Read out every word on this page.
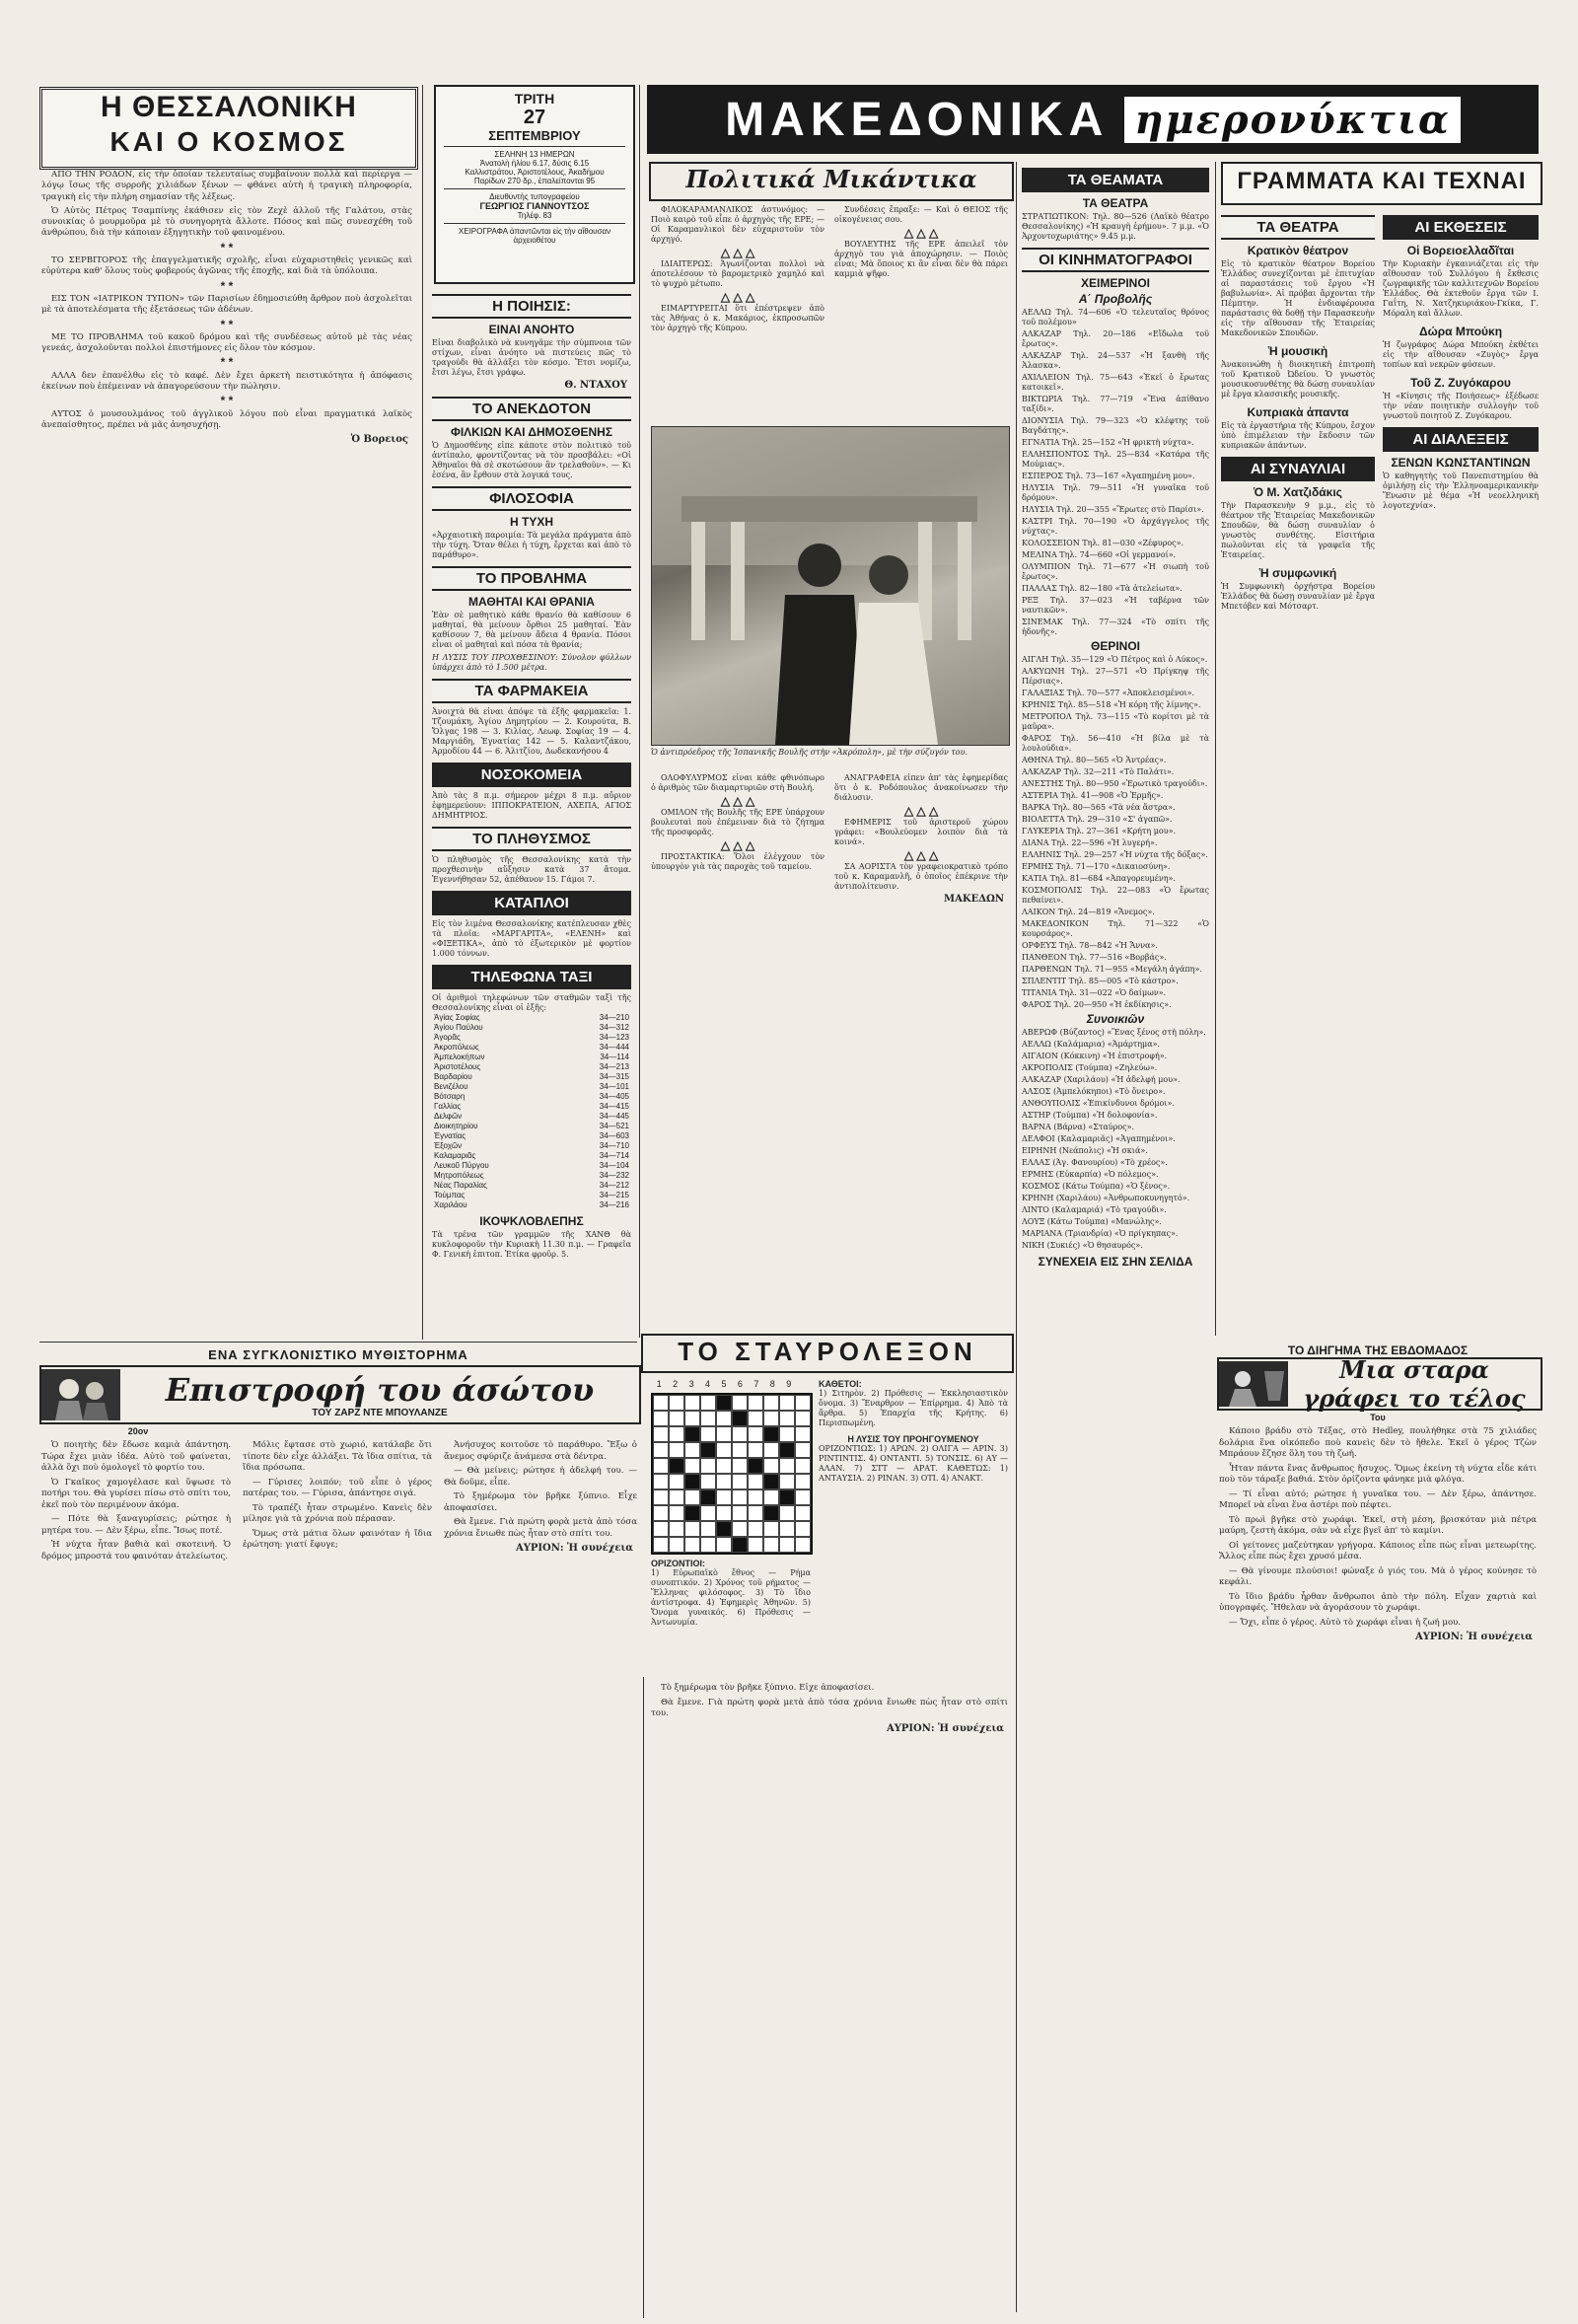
Η ΘΕΣΣΑΛΟΝΙΚΗ
ΚΑΙ Ο ΚΟΣΜΟΣ

ΑΠΟ ΤΗΝ ΡΟΔΟΝ, εἰς τὴν ὁποίαν τελευταίως συμβαίνουν πολλὰ καὶ περίεργα — λόγῳ ἴσως τῆς συρροῆς χιλιάδων ξένων — φθάνει αὐτὴ ἡ τραγικὴ πληροφορία, τραγικὴ εἰς τὴν πλήρη σημασίαν τῆς λέξεως.

Ὁ Αὐτὸς Πέτρος Τσαμπίνης ἐκάθισεν εἰς τὸν Ζεχὲ ἀλλοῦ τῆς Γαλάτου, στὰς συνοικίας ὁ μουρμοῦρα μὲ τὸ συνηγορητὰ ἄλλοτε. Πόσος καὶ πῶς συνεσχέθη τοῦ ἀνθρώπου, διὰ τὴν κάποιαν ἐξηγητικὴν τοῦ φαινομένου.

* *

ΤΟ ΣΕΡΒΙΤΟΡΟΣ τῆς ἐπαγγελματικῆς σχολῆς, εἶναι εὐχαριστηθεὶς γενικῶς καὶ εὐρύτερα καθ' ὅλους τοὺς φοβερούς ἀγῶνας τῆς ἐποχῆς, καὶ διὰ τὰ ὑπόλοιπα.

* *

ΕΙΣ ΤΟΝ «ΙΑΤΡΙΚΟΝ ΤΥΠΟΝ» τῶν Παρισίων ἐδημοσιεύθη ἄρθρον ποὺ ἀσχολεῖται μὲ τὰ ἀποτελέσματα τῆς ἐξετάσεως τῶν ἀδένων.

* *

ΜΕ ΤΟ ΠΡΟΒΛΗΜΑ τοῦ κακοῦ δρόμου καὶ τῆς συνδέσεως αὐτοῦ μὲ τὰς νέας γενεάς, ἀσχολοῦνται πολλοὶ ἐπιστήμονες εἰς ὅλον τὸν κόσμον.

* *

ΑΛΛΑ δεν ἐπανέλθω εἰς τὸ καφέ. Δὲν ἔχει ἀρκετὴ πειστικότητα ἡ ἀπόφασις ἐκείνων ποὺ ἐπέμειναν νὰ ἀπαγορεύσουν τὴν πώλησιν.

* *

ΑΥΤΟΣ ὁ μουσουλμάνος τοῦ ἀγγλικοῦ λόγου ποὺ εἶναι πραγματικά λαϊκὸς ἀνεπαίσθητος, πρέπει νὰ μᾶς ἀνησυχήσῃ.

Ὁ Βορειος
ΤΡΙΤΗ
27
ΣΕΠΤΕΜΒΡΙΟΥ
ΣΕΛΗΝΗ 13 ΗΜΕΡΩΝ
Ἀνατολὴ ἡλίου 6.17, δύσις 6.15
Καλλιστράτου, Ἀριστοτέλους, Ἀκαδήμου
Παρίδων 270 δρ., ἑπαλείπονται 95
Διευθυντὴς τυπογραφείου
ΓΕΩΡΓΙΟΣ ΓΙΑΝΝΟΥΤΣΟΣ
Τηλέφ. 83
ΧΕΙΡΟΓΡΑΦΑ ἀπαντῶνται εἰς τὴν αἴθουσαν ἀρχειοθέτου
Η ΠΟΙΗΣΙΣ:
ΕΙΝΑΙ ΑΝΟΗΤΟ
Εἶναι διαβολικὸ νὰ κυνηγᾶμε τὴν σύμπνοια τῶν στίχων, εἶναι ἀνόητο νὰ πιστεύεις πῶς τὸ τραγούδι θὰ ἀλλάξει τὸν κόσμο. Ἔτσι νομίζω, ἔτσι λέγω, ἔτσι γράφω.
Θ. ΝΤΑΧΟΥ
ΤΟ ΑΝΕΚΔΟΤΟΝ
ΦΙΛΚΙΩΝ ΚΑΙ ΔΗΜΟΣΘΕΝΗΣ
Ὁ Δημοσθένης εἶπε κάποτε στὸν πολιτικὸ τοῦ ἀντίπαλο, φροντίζοντας νὰ τὸν προσβάλει: «Οἱ Ἀθηναῖοι θὰ σὲ σκοτώσουν ἂν τρελαθοῦν». — Κι ἐσένα, ἂν ἔρθουν στὰ λογικά τους.
ΦΙΛΟΣΟΦΙΑ
Η ΤΥΧΗ
«Ἀρχαιοτικὴ παροιμία: Τὰ μεγάλα πράγματα ἀπὸ τὴν τύχη. Ὅταν θέλει ἡ τύχη, ἔρχεται καὶ ἀπὸ τὸ παράθυρο».
ΤΟ ΠΡΟΒΛΗΜΑ
ΜΑΘΗΤΑΙ ΚΑΙ ΘΡΑΝΙΑ
Ἐὰν σὲ μαθητικὸ κάθε θρανίο θὰ καθίσουν 6 μαθηταί, θὰ μείνουν ὄρθιοι 25 μαθηταί. Ἐὰν καθίσουν 7, θὰ μείνουν ἄδεια 4 θρανία. Πόσοι εἶναι οἱ μαθηταὶ καὶ πόσα τὰ θρανία;
Η ΛΥΣΙΣ ΤΟΥ ΠΡΟΧΘΕΣΙΝΟΥ: Σύνολον φύλλων ὑπάρχει ἀπὸ τὸ 1.500 μέτρα.
ΤΑ ΦΑΡΜΑΚΕΙΑ
Ἀνοιχτὰ θὰ εἶναι ἀπόψε τὰ ἑξῆς φαρμακεῖα: 1. Τζουμάκη, Ἁγίου Δημητρίου — 2. Κουρούτα, Β. Ὄλγας 198 — 3. Κιλίας, Λεωφ. Σοφίας 19 — 4. Μαργιάδη, Ἐγνατίας 142 — 5. Καλαντζάκου, Ἀρμοδίου 44 — 6. Ἀλιτζίου, Δωδεκανήσου 4
ΝΟΣΟΚΟΜΕΙΑ
Ἀπὸ τὰς 8 π.μ. σήμερον μέχρι 8 π.μ. αὔριον ἐφημερεύουν: ΙΠΠΟΚΡΑΤΕΙΟΝ, ΑΧΕΠΑ, ΑΓΙΟΣ ΔΗΜΗΤΡΙΟΣ.
ΤΟ ΠΛΗΘΥΣΜΟΣ
Ὁ πληθυσμὸς τῆς Θεσσαλονίκης κατὰ τὴν προχθεσινὴν αὔξησιν κατὰ 37 ἄτομα. Ἐγεννήθησαν 52, ἀπέθανον 15. Γάμοι 7.
ΚΑΤΑΠΛΟΙ
Εἰς τὸν λιμένα Θεσσαλονίκης κατέπλευσαν χθὲς τὰ πλοῖα: «ΜΑΡΓΑΡΙΤΑ», «ΕΛΕΝΗ» καὶ «ΦΙΞΕΤΙΚΑ», ἀπὸ τὸ ἐξωτερικὸν μὲ φορτίον 1.000 τόννων.
ΤΗΛΕΦΩΝΑ ΤΑΞΙ
Οἱ ἀριθμοὶ τηλεφώνων τῶν σταθμῶν ταξὶ τῆς Θεσσαλονίκης εἶναι οἱ ἑξῆς:
Ἁγίας Σοφίας	34—210
Ἀγίου Παύλου	34—312
Ἀγορᾶς	34—123
Ἀκροπόλεως	34—444
Ἀμπελοκήπων	34—114
Ἀριστοτέλους	34—213
Βαρδαρίου	34—315
Βενιζέλου	34—101
Βότσαρη	34—405
Γαλλίας	34—415
Δελφῶν	34—445
Διοικητηρίου	34—521
Ἐγνατίας	34—603
Ἐξοχῶν	34—710
Καλαμαριᾶς	34—714
Λευκοῦ Πύργου	34—104
Μητροπόλεως	34—232
Νέας Παραλίας	34—212
Τούμπας	34—215
Χαριλάου	34—216
ΙΚΟΨΚΛΟΒΛΕΠΗΣ
Τὰ τρένα τῶν γραμμῶν τῆς ΧΑΝΘ θὰ κυκλοφοροῦν τὴν Κυριακὴ 11.30 π.μ. — Γραφεῖα Φ. Γενικὴ ἐπιτοπ. Ἐτίκα φροῦρ. 5.
ΜΑΚΕΔΟΝΙΚΑ ημερονύκτια
Πολιτικά Μικάντικα

ΦΙΛΟΚΑΡΑΜΑΝΛΙΚΟΣ ἀστυνόμος: — Ποιὸ καιρὸ τοῦ εἶπε ὁ ἀρχηγὸς τῆς ΕΡΕ; — Οἱ Καραμανλικοὶ δὲν εὐχαριστοῦν τὸν ἀρχηγό.

△ △ △

ΙΔΙΑΙΤΕΡΩΣ: Ἀγωνίζονται πολλοὶ νὰ ἀποτελέσουν τὸ βαρομετρικὸ χαμηλό καὶ τὸ ψυχρὸ μέτωπο.

△ △ △

ΕΙΜΑΡΤΥΡΕΙΤΑΙ ὅτι ἐπέστρεψεν ἀπὸ τὰς Ἀθήνας ὁ κ. Μακάριος, ἐκπροσωπῶν τὸν ἀρχηγὸ τῆς Κύπρου.

Συνδέσεις ἔπραξε: — Καὶ ὁ ΘΕΙΟΣ τῆς οἰκογένειας σου.

△ △ △

ΒΟΥΛΕΥΤΗΣ τῆς ΕΡΕ ἀπειλεῖ τὸν ἀρχηγὸ του γιὰ ἀποχώρησιν. — Ποιὸς εἶναι; Μὰ ὅποιος κι ἂν εἶναι δὲν θὰ πάρει καμμιὰ ψῆφο.

Ὁ ἀντιπρόεδρος τῆς Ἰσπανικῆς Βουλῆς στὴν «Ἀκρόπολη», μὲ τὴν σύζυγόν του.

ΟΛΟΦΥΛΥΡΜΟΣ εἶναι κάθε φθινόπωρο ὁ ἀριθμὸς τῶν διαμαρτυριῶν στὴ Βουλή.

△ △ △

ΟΜΙΛΟΝ τῆς Βουλῆς τῆς ΕΡΕ ὑπάρχουν βουλευταὶ ποὺ ἐπέμειναν διὰ τὸ ζήτημα τῆς προσφορᾶς.

△ △ △

ΠΡΟΣΤΑΚΤΙΚΑ: Ὅλοι ἐλέγχουν τὸν ὑπουργὸν γιὰ τὰς παροχὰς τοῦ ταμείου.

ΑΝΑΓΡΑΦΕΙΑ εἶπεν ἀπ' τὰς ἐφημερίδας ὅτι ὁ κ. Ροδόπουλος ἀνακοίνωσεν τὴν διάλυσιν.

△ △ △

ΕΦΗΜΕΡΙΣ τοῦ ἀριστεροῦ χώρου γράφει: «Βουλεύομεν λοιπὸν διὰ τὰ κοινά».

△ △ △

ΣΑ ΑΟΡΙΣΤΑ τὸν γραφειοκρατικὸ τρόπο τοῦ κ. Καραμανλῆ, ὁ ὁποῖος ἐπέκρινε τὴν ἀντιπολίτευσιν.

ΜΑΚΕΔΩΝ
ΤΟ ΣΤΑΥΡΟΛΕΞΟΝ
1 2 3 4 5 6 7 8 9	ΚΑΘΕΤΟΙ:
1) Σιτηρὸν. 2) Πρόθεσις — Ἐκκλησιαστικὸν ὄνομα. 3) Ἔναρθρον — Ἐπίρρημα. 4) Ἀπὸ τὰ ἄρθρα. 5) Ἐπαρχία τῆς Κρήτης. 6) Περισπωμένη.
Η ΛΥΣΙΣ ΤΟΥ ΠΡΟΗΓΟΥΜΕΝΟΥ
ΟΡΙΖΟΝΤΙΩΣ: 1) ΑΡΩΝ. 2) ΟΛΙΓΑ — ΑΡΙΝ. 3) ΡΙΝΤΙΝΤΙΣ. 4) ΟΝΤΑΝΤΙ. 5) ΤΟΝΣΙΣ. 6) ΑΥ — ΑΛΑΝ. 7) ΣΤΤ — ΑΡΑΤ. ΚΑΘΕΤΩΣ: 1) ΑΝΤΑΥΣΙΑ. 2) ΡΙΝΑΝ. 3) ΟΤΙ. 4) ΑΝΑΚΤ.
ΟΡΙΖΟΝΤΙΟΙ:
1) Εὐρωπαϊκὸ ἔθνος — Ρήμα συνοπτικόν. 2) Χρόνος τοῦ ρήματος — Ἕλληνας φιλόσοφος. 3) Τὸ ἴδιο ἀντίστροφα. 4) Ἐφημερὶς Ἀθηνῶν. 5) Ὄνομα γυναικός. 6) Πρόθεσις — Ἀντωνυμία.
ΤΑ ΘΕΑΜΑΤΑ
ΤΑ ΘΕΑΤΡΑ
ΣΤΡΑΤΙΩΤΙΚΟΝ: Τηλ. 80—526 (Λαϊκὸ θέατρο Θεσσαλονίκης) «Ἡ κραυγὴ ἐρήμου». 7 μ.μ. «Ὁ Ἀρχοντοχωριάτης» 9.45 μ.μ.
ΟΙ ΚΙΝΗΜΑΤΟΓΡΑΦΟΙ
ΧΕΙΜΕΡΙΝΟΙ
Α΄ Προβολῆς
ΑΕΛΛΩ Τηλ. 74—606 «Ὁ τελευταῖος θρόνος τοῦ πολέμου»
ΑΛΚΑΖΑΡ Τηλ. 20—186 «Εἴδωλα τοῦ ἔρωτος».
ΑΛΚΑΖΑΡ Τηλ. 24—537 «Ἡ ξανθὴ τῆς Ἀλασκα».
ΑΧΙΛΛΕΙΟΝ Τηλ. 75—643 «Ἐκεῖ ὁ ἔρωτας κατοικεῖ».
ΒΙΚΤΩΡΙΑ Τηλ. 77—719 «Ἕνα ἀπίθανο ταξίδι».
ΔΙΟΝΥΣΙΑ Τηλ. 79—323 «Ὁ κλέφτης τοῦ Βαγδάτης».
ΕΓΝΑΤΙΑ Τηλ. 25—152 «Ἡ φρικτὴ νύχτα».
ΕΛΛΗΣΠΟΝΤΟΣ Τηλ. 25—834 «Κατάρα τῆς Μούμιας».
ΕΣΠΕΡΟΣ Τηλ. 73—167 «Ἀγαπημένη μου».
ΗΛΥΣΙΑ Τηλ. 79—511 «Ἡ γυναῖκα τοῦ δρόμου».
ΗΛΥΣΙΑ Τηλ. 20—355 «Ἔρωτες στὸ Παρίσι».
ΚΑΣΤΡΙ Τηλ. 70—190 «Ὁ ἀρχάγγελος τῆς νύχτας».
ΚΟΛΟΣΣΕΙΟΝ Τηλ. 81—030 «Ζέφυρος».
ΜΕΛΙΝΑ Τηλ. 74—660 «Οἱ γερμανοί».
ΟΛΥΜΠΙΟΝ Τηλ. 71—677 «Ἡ σιωπὴ τοῦ ἔρωτος».
ΠΑΛΛΑΣ Τηλ. 82—180 «Τὰ ἀτελείωτα».
ΡΕΞ Τηλ. 37—023 «Ἡ ταβέρνα τῶν ναυτικῶν».
ΣΙΝΕΜΑΚ Τηλ. 77—324 «Τὸ σπίτι τῆς ἡδονῆς».
ΘΕΡΙΝΟΙ
ΑΙΓΛΗ Τηλ. 35—129 «Ὁ Πέτρος καὶ ὁ Λύκος».
ΑΛΚΥΩΝΗ Τηλ. 27—571 «Ὁ Πρίγκηψ τῆς Πέρσιας».
ΓΑΛΑΞΙΑΣ Τηλ. 70—577 «Ἀποκλεισμένοι».
ΚΡΗΝΙΣ Τηλ. 85—518 «Ἡ κόρη τῆς λίμνης».
ΜΕΤΡΟΠΟΛ Τηλ. 73—115 «Τὸ κορίτσι μὲ τὰ μαῦρα».
ΦΑΡΟΣ Τηλ. 56—410 «Ἡ βίλα μὲ τὰ λουλούδια».
ΑΘΗΝΑ Τηλ. 80—565 «Ὁ Ἀντρέας».
ΑΛΚΑΖΑΡ Τηλ. 32—211 «Τὸ Παλάτι».
ΑΝΕΣΤΗΣ Τηλ. 80—950 «Ἐρωτικὸ τραγούδι».
ΑΣΤΕΡΙΑ Τηλ. 41—908 «Ὁ Ἑρμῆς».
ΒΑΡΚΑ Τηλ. 80—565 «Τὰ νέα ἄστρα».
ΒΙΟΛΕΤΤΑ Τηλ. 29—310 «Σ' ἀγαπῶ».
ΓΛΥΚΕΡΙΑ Τηλ. 27—361 «Κρήτη μου».
ΔΙΑΝΑ Τηλ. 22—596 «Ἡ λυγερή».
ΕΛΛΗΝΙΣ Τηλ. 29—257 «Ἡ νύχτα τῆς δόξας».
ΕΡΜΗΣ Τηλ. 71—170 «Δικαιοσύνη».
ΚΑΤΙΑ Τηλ. 81—684 «Ἀπαγορευμένη».
ΚΟΣΜΟΠΟΛΙΣ Τηλ. 22—083 «Ὁ ἔρωτας πεθαίνει».
ΛΑΙΚΟΝ Τηλ. 24—819 «Ἄνεμος».
ΜΑΚΕΔΟΝΙΚΟΝ Τηλ. 71—322 «Ὁ κουρσάρος».
ΟΡΦΕΥΣ Τηλ. 78—842 «Ἡ Ἄννα».
ΠΑΝΘΕΟΝ Τηλ. 77—516 «Βορβάς».
ΠΑΡΘΕΝΩΝ Τηλ. 71—955 «Μεγάλη ἀγάπη».
ΣΠΛΕΝΤΙΤ Τηλ. 85—005 «Τὸ κάστρο».
ΤΙΤΑΝΙΑ Τηλ. 31—022 «Ὁ δαίμων».
ΦΑΡΟΣ Τηλ. 20—950 «Ἡ ἐκδίκησις».
Συνοικιῶν
ΑΒΕΡΩΦ (Βύζαντος) «Ἕνας ξένος στὴ πόλη».
ΑΕΛΛΩ (Καλάμαρια) «Ἁμάρτημα».
ΑΙΓΑΙΟΝ (Κόκκινη) «Ἡ ἐπιστροφή».
ΑΚΡΟΠΟΛΙΣ (Τούμπα) «Ζηλεύω».
ΑΛΚΑΖΑΡ (Χαριλάου) «Ἡ ἀδελφή μου».
ΑΛΣΟΣ (Ἀμπελόκηποι) «Τὸ ὄνειρο».
ΑΝΘΟΥΠΟΛΙΣ «Ἐπικίνδυνοι δρόμοι».
ΑΣΤΗΡ (Τούμπα) «Ἡ δολοφονία».
ΒΑΡΝΑ (Βάρνα) «Σταύρος».
ΔΕΛΦΟΙ (Καλαμαριᾶς) «Ἀγαπημένοι».
ΕΙΡΗΝΗ (Νεάπολις) «Ἡ σκιά».
ΕΛΛΑΣ (Ἀγ. Φανουρίου) «Τὸ χρέος».
ΕΡΜΗΣ (Εὐκαρπία) «Ὁ πόλεμος».
ΚΟΣΜΟΣ (Κάτω Τούμπα) «Ὁ ξένος».
ΚΡΗΝΗ (Χαριλάου) «Ἀνθρωποκυνηγητό».
ΛΙΝΤΟ (Καλαμαριά) «Τὸ τραγούδι».
ΛΟΥΞ (Κάτω Τούμπα) «Μανώλης».
ΜΑΡΙΑΝΑ (Τριανδρία) «Ὁ πρίγκηπας».
ΝΙΚΗ (Συκιές) «Ὁ θησαυρός».
ΣΥΝΕΧΕΙΑ ΕΙΣ ΣΗΝ ΣΕΛΙΔΑ
ΓΡΑΜΜΑΤΑ ΚΑΙ ΤΕΧΝΑΙ
ΤΑ ΘΕΑΤΡΑ
Κρατικὸν θέατρον
Εἰς τὸ κρατικὸν θέατρον Βορείου Ἑλλάδος συνεχίζονται μὲ ἐπιτυχίαν αἱ παραστάσεις τοῦ ἔργου «Ἡ βαβυλωνία». Αἱ πρόβαι ἄρχονται τὴν Πέμπτην. Ἡ ἐνδιαφέρουσα παράστασις θὰ δοθῇ τὴν Παρασκευὴν εἰς τὴν αἴθουσαν τῆς Ἑταιρείας Μακεδονικῶν Σπουδῶν.
Ἡ μουσικὴ
Ἀνακοινώθη ἡ διοικητικὴ ἐπιτροπὴ τοῦ Κρατικοῦ Ὠδείου. Ὁ γνωστὸς μουσικοσυνθέτης θὰ δώσῃ συναυλίαν μὲ ἔργα κλασσικῆς μουσικῆς.
Κυπριακὰ ἀπαντα
Εἰς τὰ ἐργαστήρια τῆς Κύπρου, ἔσχον ὑπὸ ἐπιμέλειαν τὴν ἔκδοσιν τῶν κυπριακῶν ἀπάντων.
ΑΙ ΣΥΝΑΥΛΙΑΙ
Ὁ Μ. Χατζιδάκις
Τὴν Παρασκευὴν 9 μ.μ., εἰς τὸ θέατρον τῆς Ἑταιρείας Μακεδονικῶν Σπουδῶν, θὰ δώσῃ συναυλίαν ὁ γνωστὸς συνθέτης. Εἰσιτήρια πωλοῦνται εἰς τὰ γραφεῖα τῆς Ἑταιρείας.
Ἡ συμφωνική
Ἡ Συμφωνικὴ ὀρχήστρα Βορείου Ἑλλάδος θὰ δώσῃ συναυλίαν μὲ ἔργα Μπετόβεν καὶ Μότσαρτ.
ΑΙ ΕΚΘΕΣΕΙΣ
Οἱ Βορειοελλαδῖται
Τὴν Κυριακὴν ἐγκαινιάζεται εἰς τὴν αἴθουσαν τοῦ Συλλόγου ἡ ἔκθεσις ζωγραφικῆς τῶν καλλιτεχνῶν Βορείου Ἑλλάδος. Θὰ ἐκτεθοῦν ἔργα τῶν Ι. Γαΐτη, Ν. Χατζηκυριάκου-Γκίκα, Γ. Μόραλη καὶ ἄλλων.
Δώρα Μπούκη
Ἡ ζωγράφος Δώρα Μπούκη ἐκθέτει εἰς τὴν αἴθουσαν «Ζυγὸς» ἔργα τοπίων καὶ νεκρῶν φύσεων.
Τοῦ Ζ. Ζυγόκαρου
Ἡ «Κίνησις τῆς Ποιήσεως» ἐξέδωσε τὴν νέαν ποιητικὴν συλλογὴν τοῦ γνωστοῦ ποιητοῦ Ζ. Ζυγόκαρου.
ΑΙ ΔΙΑΛΕΞΕΙΣ
ΣΕΝΩΝ ΚΩΝΣΤΑΝΤΙΝΩΝ
Ὁ καθηγητὴς τοῦ Πανεπιστημίου θὰ ὁμιλήσῃ εἰς τὴν Ἑλληνοαμερικανικὴν Ἕνωσιν μὲ θέμα «Ἡ νεοελληνικὴ λογοτεχνία».
ΤΟ ΔΙΗΓΗΜΑ ΤΗΣ ΕΒΔΟΜΑΔΟΣ
Μια σταρα γράφει το τέλος
Του

Κάποιο βράδυ στὸ Τέξας, στὸ Hedley, πουλήθηκε στὰ 75 χιλιάδες δολάρια ἕνα οἰκόπεδο ποὺ κανεὶς δὲν τὸ ἤθελε. Ἐκεῖ ὁ γέρος Τζὼν Μπράουν ἔζησε ὅλη του τὴ ζωή.

Ἦταν πάντα ἕνας ἄνθρωπος ἥσυχος. Ὅμως ἐκείνη τὴ νύχτα εἶδε κάτι ποὺ τὸν τάραξε βαθιά. Στὸν ὁρίζοντα φάνηκε μιὰ φλόγα.

— Τί εἶναι αὐτό; ρώτησε ἡ γυναῖκα του. — Δὲν ξέρω, ἀπάντησε. Μπορεῖ νὰ εἶναι ἕνα ἀστέρι ποὺ πέφτει.

Τὸ πρωὶ βγῆκε στὸ χωράφι. Ἐκεῖ, στὴ μέση, βρισκόταν μιὰ πέτρα μαύρη, ζεστὴ ἀκόμα, σὰν νὰ εἶχε βγεῖ ἀπ' τὸ καμίνι.

Οἱ γείτονες μαζεύτηκαν γρήγορα. Κάποιος εἶπε πὼς εἶναι μετεωρίτης. Ἄλλος εἶπε πὼς ἔχει χρυσό μέσα.

— Θὰ γίνουμε πλούσιοι! φώναξε ὁ γιός του. Μὰ ὁ γέρος κούνησε τὸ κεφάλι.

Τὸ ἴδιο βράδυ ἦρθαν ἄνθρωποι ἀπὸ τὴν πόλη. Εἶχαν χαρτιὰ καὶ ὑπογραφές. Ἤθελαν νὰ ἀγοράσουν τὸ χωράφι.

— Ὄχι, εἶπε ὁ γέρος. Αὐτὸ τὸ χωράφι εἶναι ἡ ζωή μου.

ΑΥΡΙΟΝ: Ἡ συνέχεια
ΕΝΑ ΣΥΓΚΛΟΝΙΣΤΙΚΟ ΜΥΘΙΣΤΟΡΗΜΑ
Επιστροφή του άσώτου
ΤΟΥ ΖΑΡΖ ΝΤΕ ΜΠΟΥΛΑΝΖΕ
20ον

Ὁ ποιητὴς δὲν ἔδωσε καμιὰ ἀπάντηση. Τώρα ἔχει μιὰν ἰδέα. Αὐτὸ τοῦ φαίνεται, ἀλλὰ ὅχι ποὺ ὁμολογεῖ τὸ φορτίο του.

Ὁ Γκαῖκος χαμογέλασε καὶ ὕψωσε τὸ ποτήρι του. Θὰ γυρίσει πίσω στὸ σπίτι του, ἐκεῖ ποὺ τὸν περιμένουν ἀκόμα.

— Πότε θὰ ξαναγυρίσεις; ρώτησε ἡ μητέρα του. — Δὲν ξέρω, εἶπε. Ἴσως ποτέ.

Ἡ νύχτα ἦταν βαθιὰ καὶ σκοτεινή. Ὁ δρόμος μπροστά του φαινόταν ἀτελείωτος.

Μόλις ἔφτασε στὸ χωριό, κατάλαβε ὅτι τίποτε δὲν εἶχε ἀλλάξει. Τὰ ἴδια σπίτια, τὰ ἴδια πρόσωπα.

— Γύρισες λοιπόν; τοῦ εἶπε ὁ γέρος πατέρας του. — Γύρισα, ἀπάντησε σιγά.

Τὸ τραπέζι ἦταν στρωμένο. Κανεὶς δὲν μίλησε γιὰ τὰ χρόνια ποὺ πέρασαν.

Ὅμως στὰ μάτια ὅλων φαινόταν ἡ ἴδια ἐρώτηση: γιατί ἔφυγε;

Ἀνήσυχος κοιτοῦσε τὸ παράθυρο. Ἔξω ὁ ἄνεμος σφύριζε ἀνάμεσα στὰ δέντρα.

— Θὰ μείνεις; ρώτησε ἡ ἀδελφή του. — Θὰ δοῦμε, εἶπε.

Τὸ ξημέρωμα τὸν βρῆκε ξύπνιο. Εἶχε ἀποφασίσει.

Θὰ ἔμενε. Γιὰ πρώτη φορὰ μετὰ ἀπὸ τόσα χρόνια ἔνιωθε πὼς ἦταν στὸ σπίτι του.

ΑΥΡΙΟΝ: Ἡ συνέχεια

Τὸ ξημέρωμα τὸν βρῆκε ξύπνιο. Εἶχε ἀποφασίσει.

Θὰ ἔμενε. Γιὰ πρώτη φορὰ μετὰ ἀπὸ τόσα χρόνια ἔνιωθε πὼς ἦταν στὸ σπίτι του.

ΑΥΡΙΟΝ: Ἡ συνέχεια
